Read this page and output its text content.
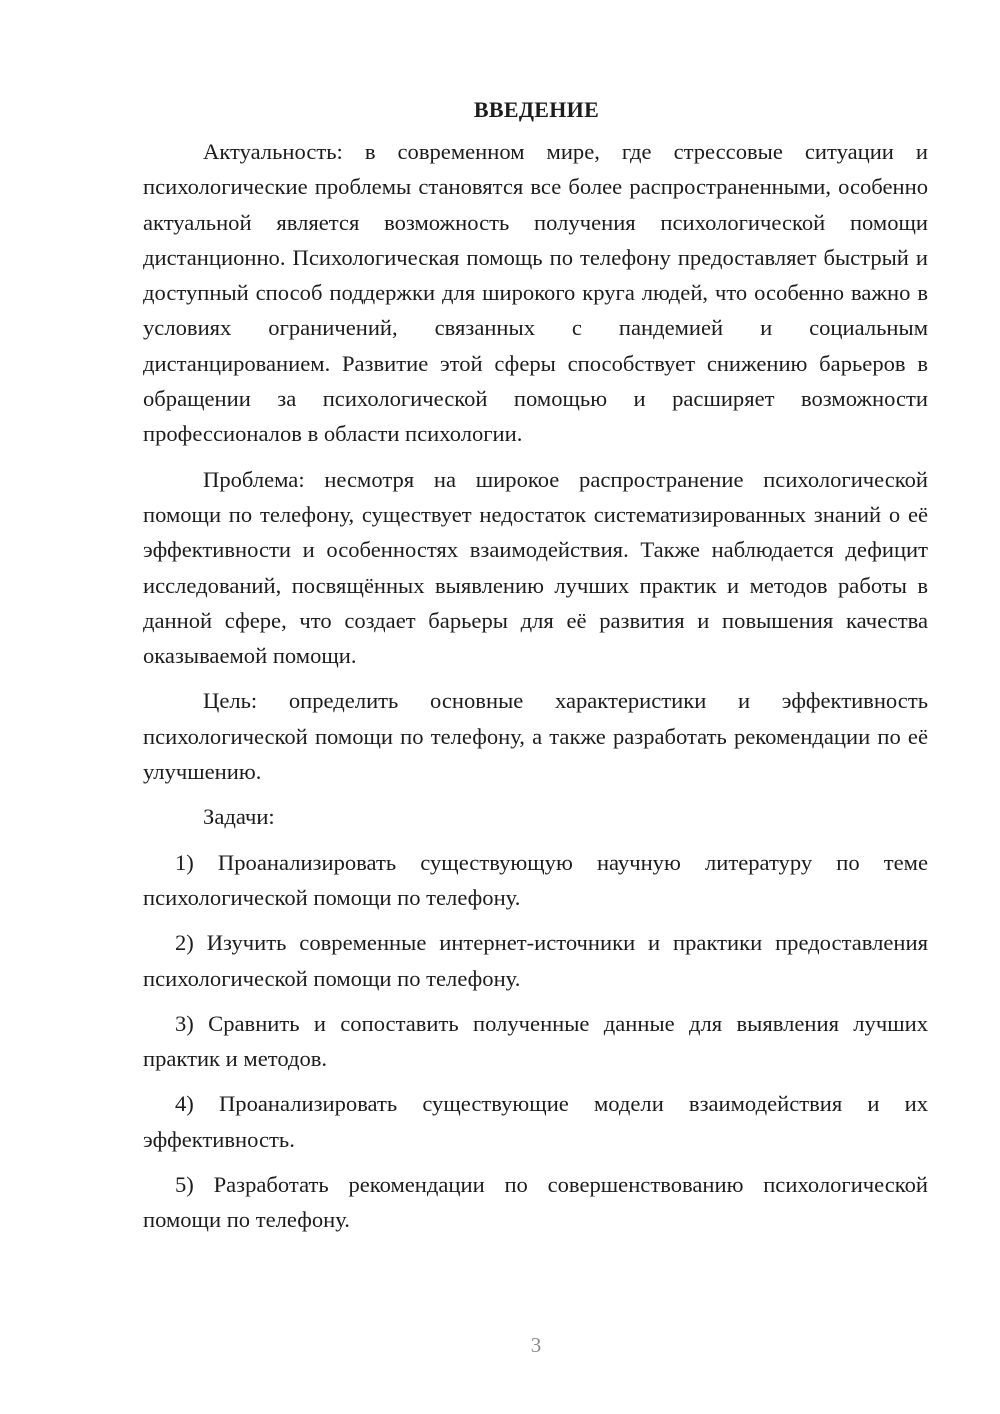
ВВЕДЕНИЕ

Актуальность: в современном мире, где стрессовые ситуации и психологические проблемы становятся все более распространенными, особенно актуальной является возможность получения психологической помощи дистанционно. Психологическая помощь по телефону предоставляет быстрый и доступный способ поддержки для широкого круга людей, что особенно важно в условиях ограничений, связанных с пандемией и социальным дистанцированием. Развитие этой сферы способствует снижению барьеров в обращении за психологической помощью и расширяет возможности профессионалов в области психологии.

Проблема: несмотря на широкое распространение психологической помощи по телефону, существует недостаток систематизированных знаний о её эффективности и особенностях взаимодействия. Также наблюдается дефицит исследований, посвящённых выявлению лучших практик и методов работы в данной сфере, что создает барьеры для её развития и повышения качества оказываемой помощи.

Цель: определить основные характеристики и эффективность психологической помощи по телефону, а также разработать рекомендации по её улучшению.

Задачи:

1) Проанализировать существующую научную литературу по теме психологической помощи по телефону.

2) Изучить современные интернет-источники и практики предоставления психологической помощи по телефону.

3) Сравнить и сопоставить полученные данные для выявления лучших практик и методов.

4) Проанализировать существующие модели взаимодействия и их эффективность.

5) Разработать рекомендации по совершенствованию психологической помощи по телефону.

3
